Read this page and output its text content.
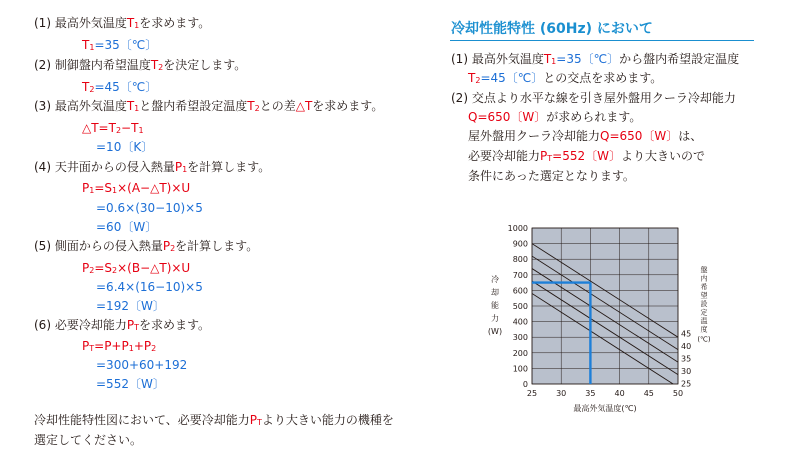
(1) 最高外気温度$T_1$を求めます。
$T_1=35$〔℃〕
(2) 制御盤内希望温度$T_2$を決定します。
$T_2=45$〔℃〕
(3) 最高外気温度$T_1$と盤内希望設定温度$T_2$との差△Tを求めます。
$\triangle T=T_2-T_1$
=10〔K〕
(4) 天井面からの侵入熱量$P_1$を計算します。
$P_1=S_1\times(A-\triangle T)\times U$
=0.6×(30−10)×5
=60〔W〕
(5) 側面からの侵入熱量$P_2$を計算します。
$P_2=S_2\times(B-\triangle T)\times U$
=6.4×(16−10)×5
=192〔W〕
(6) 必要冷却能力$P_T$を求めます。
$P_T=P+P_1+P_2$
=300+60+192
=552〔W〕
冷却性能特性図において、必要冷却能力$P_T$より大きい能力の機種を
選定してください。
冷却性能特性 (60Hz) において
(1) 最高外気温度$T_1=35$〔℃〕から盤内希望設定温度
$T_2=45$〔℃〕との交点を求めます。
(2) 交点より水平な線を引き屋外盤用クーラ冷却能力
Q=650〔W〕が求められます。
屋外盤用クーラ冷却能力Q=650〔W〕は、
必要冷却能力$P_T=552$〔W〕より大きいので
条件にあった選定となります。
0
100
200
300
400
500
600
700
800
900
1000
25 30 35 40 45 50
45
40
35
30
25
最高外気温度(℃)
冷却能力(W)
盤内希望設定温度(℃)
